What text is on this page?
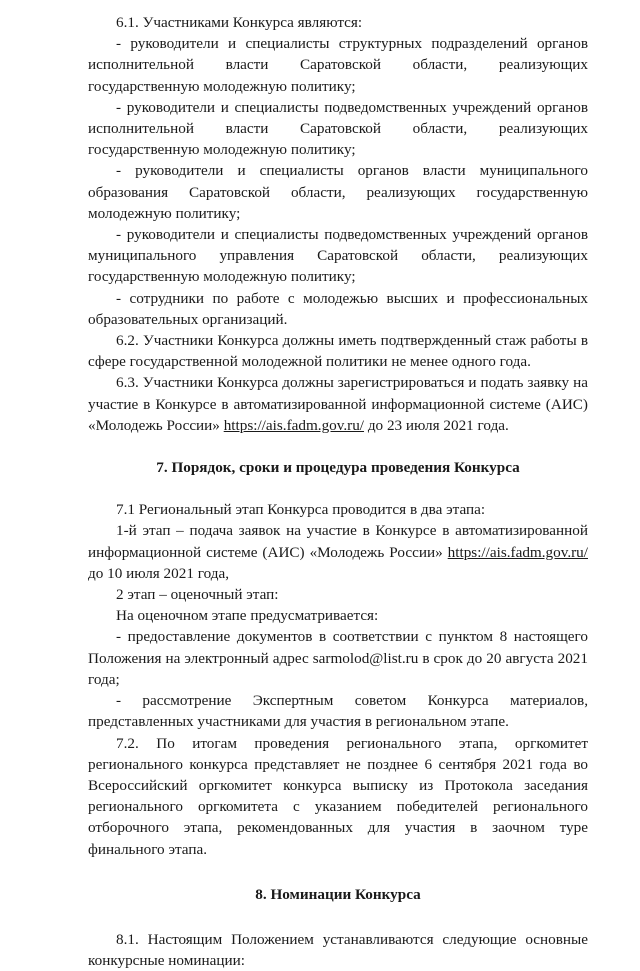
6.1. Участниками Конкурса являются:

- руководители и специалисты структурных подразделений органов исполнительной власти Саратовской области, реализующих государственную молодежную политику;

- руководители и специалисты подведомственных учреждений органов исполнительной власти Саратовской области, реализующих государственную молодежную политику;

- руководители и специалисты органов власти муниципального образования Саратовской области, реализующих государственную молодежную политику;

- руководители и специалисты подведомственных учреждений органов муниципального управления Саратовской области, реализующих государственную молодежную политику;

- сотрудники по работе с молодежью высших и профессиональных образовательных организаций.

6.2. Участники Конкурса должны иметь подтвержденный стаж работы в сфере государственной молодежной политики не менее одного года.

6.3. Участники Конкурса должны зарегистрироваться и подать заявку на участие в Конкурсе в автоматизированной информационной системе (АИС) «Молодежь России» https://ais.fadm.gov.ru/ до 23 июля 2021 года.

7. Порядок, сроки и процедура проведения Конкурса

7.1 Региональный этап Конкурса проводится в два этапа:

1-й этап – подача заявок на участие в Конкурсе в автоматизированной информационной системе (АИС) «Молодежь России» https://ais.fadm.gov.ru/ до 10 июля 2021 года,

2 этап – оценочный этап:

На оценочном этапе предусматривается:

- предоставление документов в соответствии с пунктом 8 настоящего Положения на электронный адрес sarmolod@list.ru в срок до 20 августа 2021 года;

- рассмотрение Экспертным советом Конкурса материалов, представленных участниками для участия в региональном этапе.

7.2. По итогам проведения регионального этапа, оргкомитет регионального конкурса представляет не позднее 6 сентября 2021 года во Всероссийский оргкомитет конкурса выписку из Протокола заседания регионального оргкомитета с указанием победителей регионального отборочного этапа, рекомендованных для участия в заочном туре финального этапа.

8. Номинации Конкурса

8.1. Настоящим Положением устанавливаются следующие основные конкурсные номинации:
